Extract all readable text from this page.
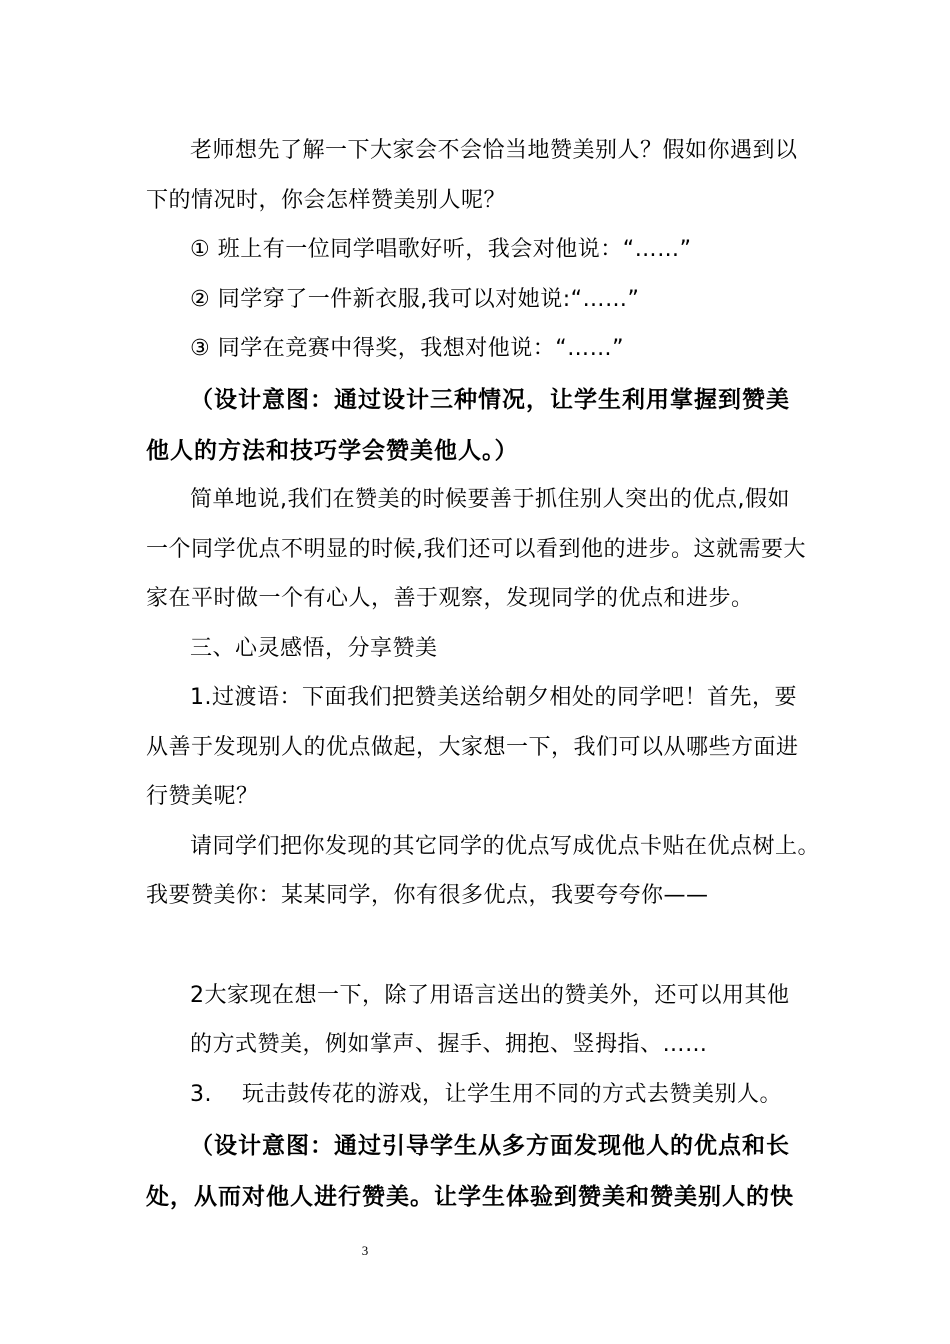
老师想先了解一下大家会不会恰当地赞美别人？假如你遇到以
下的情况时，你会怎样赞美别人呢？
① 班上有一位同学唱歌好听，我会对他说：“……”
② 同学穿了一件新衣服,我可以对她说:“……”
③ 同学在竞赛中得奖，我想对他说：“……”
（设计意图：通过设计三种情况，让学生利用掌握到赞美
他人的方法和技巧学会赞美他人。）
简单地说,我们在赞美的时候要善于抓住别人突出的优点,假如
一个同学优点不明显的时候,我们还可以看到他的进步。这就需要大
家在平时做一个有心人，善于观察，发现同学的优点和进步。
三、心灵感悟，分享赞美
1.过渡语：下面我们把赞美送给朝夕相处的同学吧！首先，要
从善于发现别人的优点做起，大家想一下，我们可以从哪些方面进
行赞美呢？
请同学们把你发现的其它同学的优点写成优点卡贴在优点树上。
我要赞美你：某某同学，你有很多优点，我要夸夸你——
2大家现在想一下，除了用语言送出的赞美外，还可以用其他
的方式赞美，例如掌声、握手、拥抱、竖拇指、……
3.    玩击鼓传花的游戏，让学生用不同的方式去赞美别人。
（设计意图：通过引导学生从多方面发现他人的优点和长
处，从而对他人进行赞美。让学生体验到赞美和赞美别人的快
3
